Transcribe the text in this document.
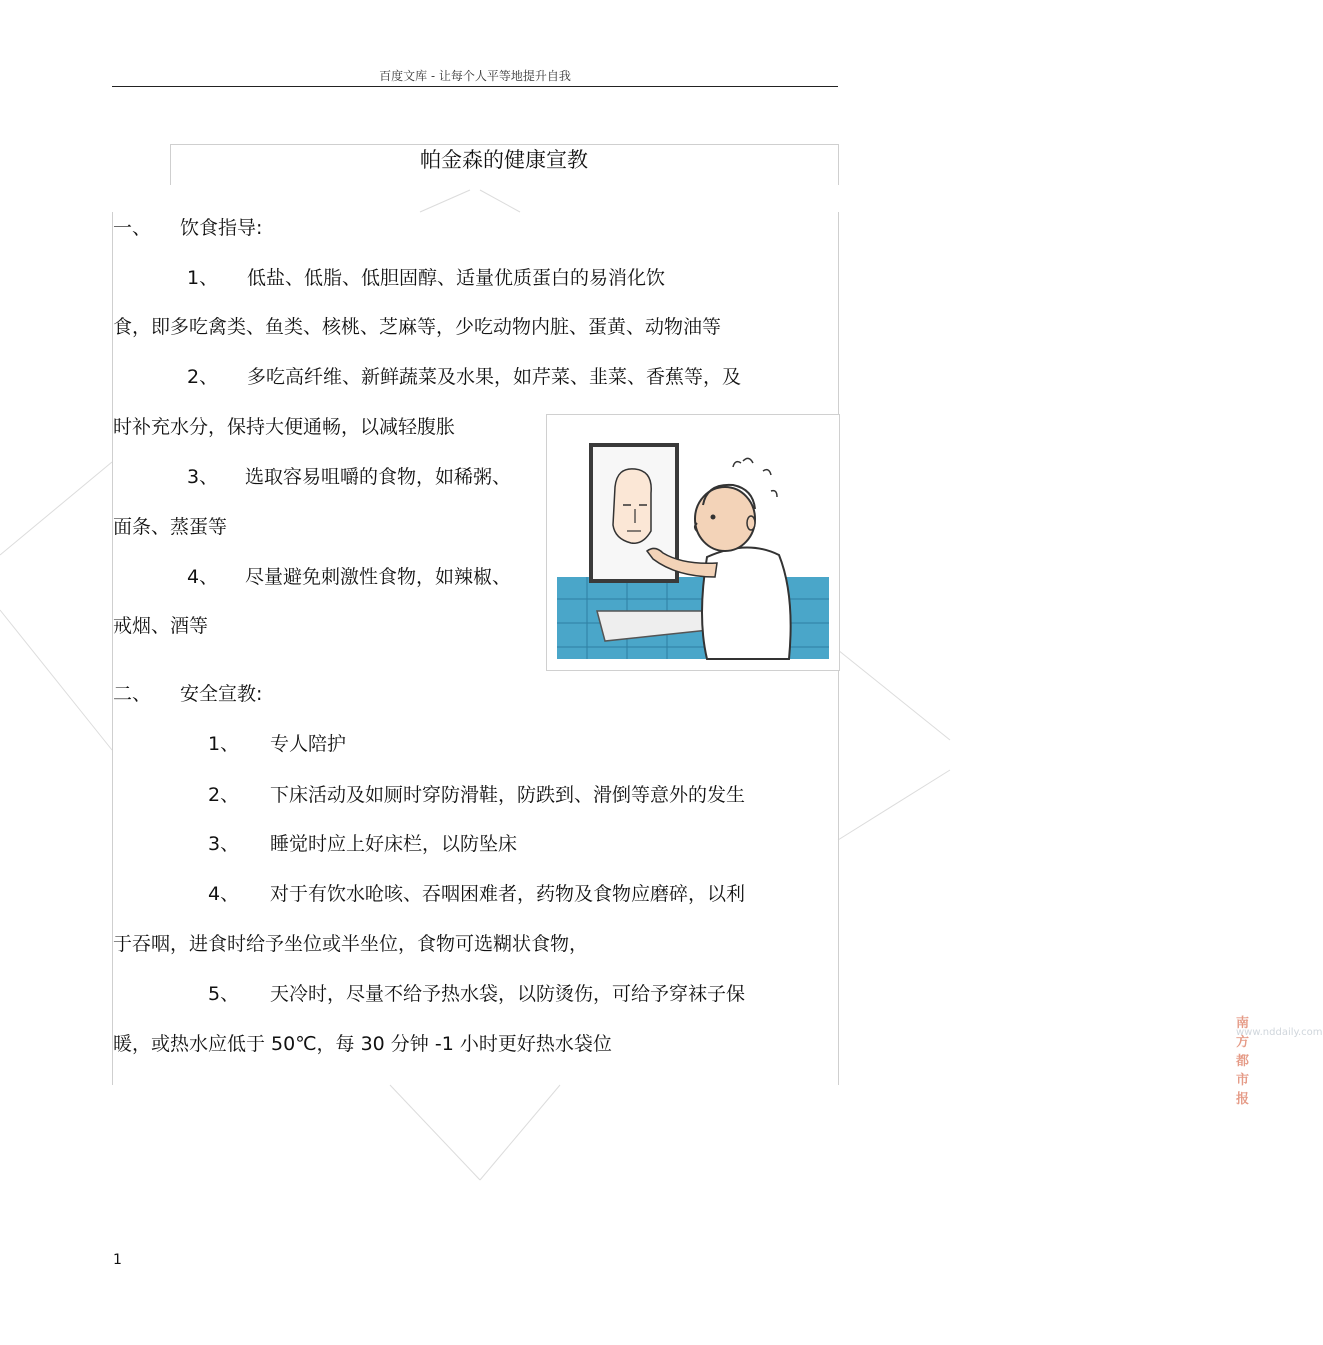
百度文库 - 让每个人平等地提升自我
帕金森的健康宣教
一、 饮食指导:
1、 低盐、低脂、低胆固醇、适量优质蛋白的易消化饮
食，即多吃禽类、鱼类、核桃、芝麻等，少吃动物内脏、蛋黄、动物油等
2、 多吃高纤维、新鲜蔬菜及水果，如芹菜、韭菜、香蕉等，及
时补充水分，保持大便通畅，以减轻腹胀
3、 选取容易咀嚼的食物，如稀粥、
面条、蒸蛋等
4、 尽量避免刺激性食物，如辣椒、
戒烟、酒等
南方都市报
www.nddaily.com
二、 安全宣教:
1、 专人陪护
2、 下床活动及如厕时穿防滑鞋，防跌到、滑倒等意外的发生
3、 睡觉时应上好床栏，以防坠床
4、 对于有饮水呛咳、吞咽困难者，药物及食物应磨碎，以利
于吞咽，进食时给予坐位或半坐位，食物可选糊状食物，
5、 天冷时，尽量不给予热水袋，以防烫伤，可给予穿袜子保
暖，或热水应低于 50℃，每 30 分钟 -1 小时更好热水袋位
1
